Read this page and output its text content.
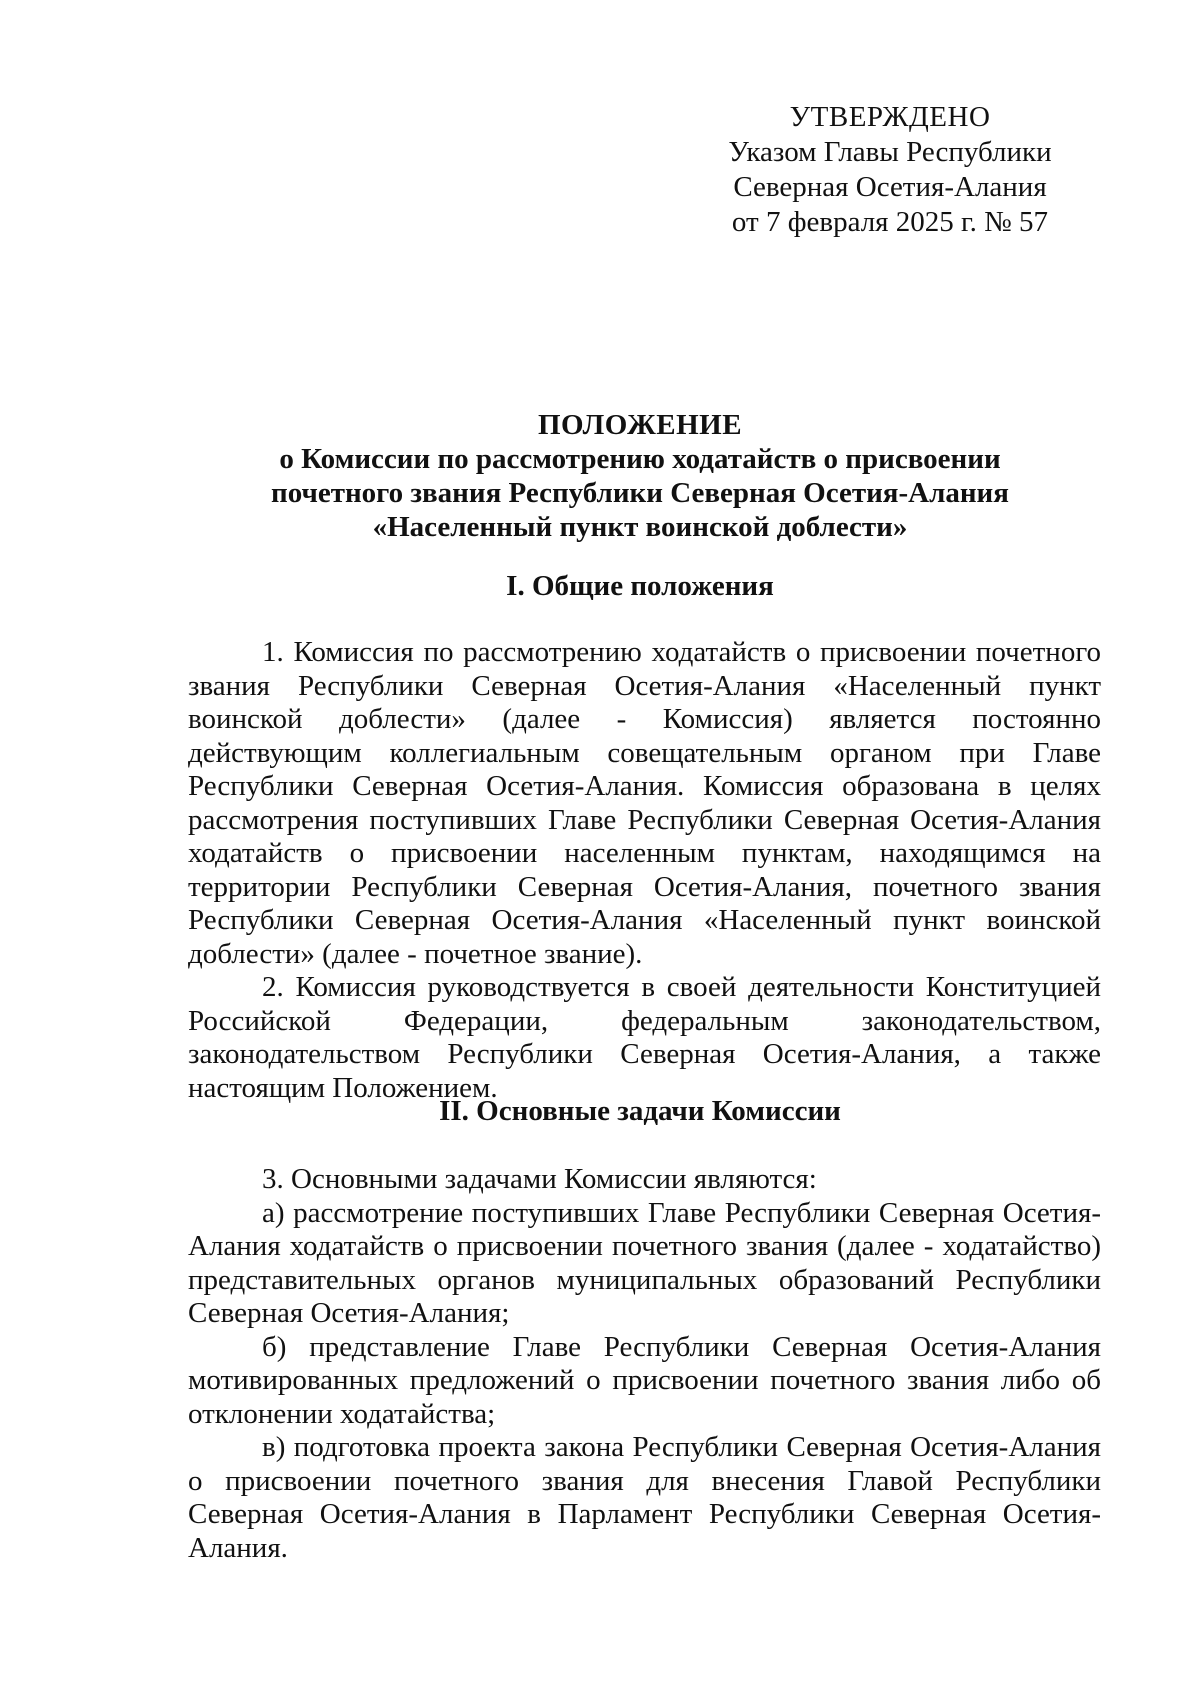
УТВЕРЖДЕНО
Указом Главы Республики
Северная Осетия-Алания
от 7 февраля 2025 г. № 57
ПОЛОЖЕНИЕ
о Комиссии по рассмотрению ходатайств о присвоении
почетного звания Республики Северная Осетия-Алания
«Населенный пункт воинской доблести»
I. Общие положения

1. Комиссия по рассмотрению ходатайств о присвоении почетного звания Республики Северная Осетия-Алания «Населенный пункт воинской доблести» (далее - Комиссия) является постоянно действующим коллегиальным совещательным органом при Главе Республики Северная Осетия-Алания. Комиссия образована в целях рассмотрения поступивших Главе Республики Северная Осетия-Алания ходатайств о присвоении населенным пунктам, находящимся на территории Республики Северная Осетия-Алания, почетного звания Республики Северная Осетия-Алания «Населенный пункт воинской доблести» (далее - почетное звание).

2. Комиссия руководствуется в своей деятельности Конституцией Российской Федерации, федеральным законодательством, законодательством Республики Северная Осетия-Алания, а также настоящим Положением.

II. Основные задачи Комиссии

3. Основными задачами Комиссии являются:

а) рассмотрение поступивших Главе Республики Северная Осетия-Алания ходатайств о присвоении почетного звания (далее - ходатайство) представительных органов муниципальных образований Республики Северная Осетия-Алания;

б) представление Главе Республики Северная Осетия-Алания мотивированных предложений о присвоении почетного звания либо об отклонении ходатайства;

в) подготовка проекта закона Республики Северная Осетия-Алания о присвоении почетного звания для внесения Главой Республики Северная Осетия-Алания в Парламент Республики Северная Осетия-Алания.
